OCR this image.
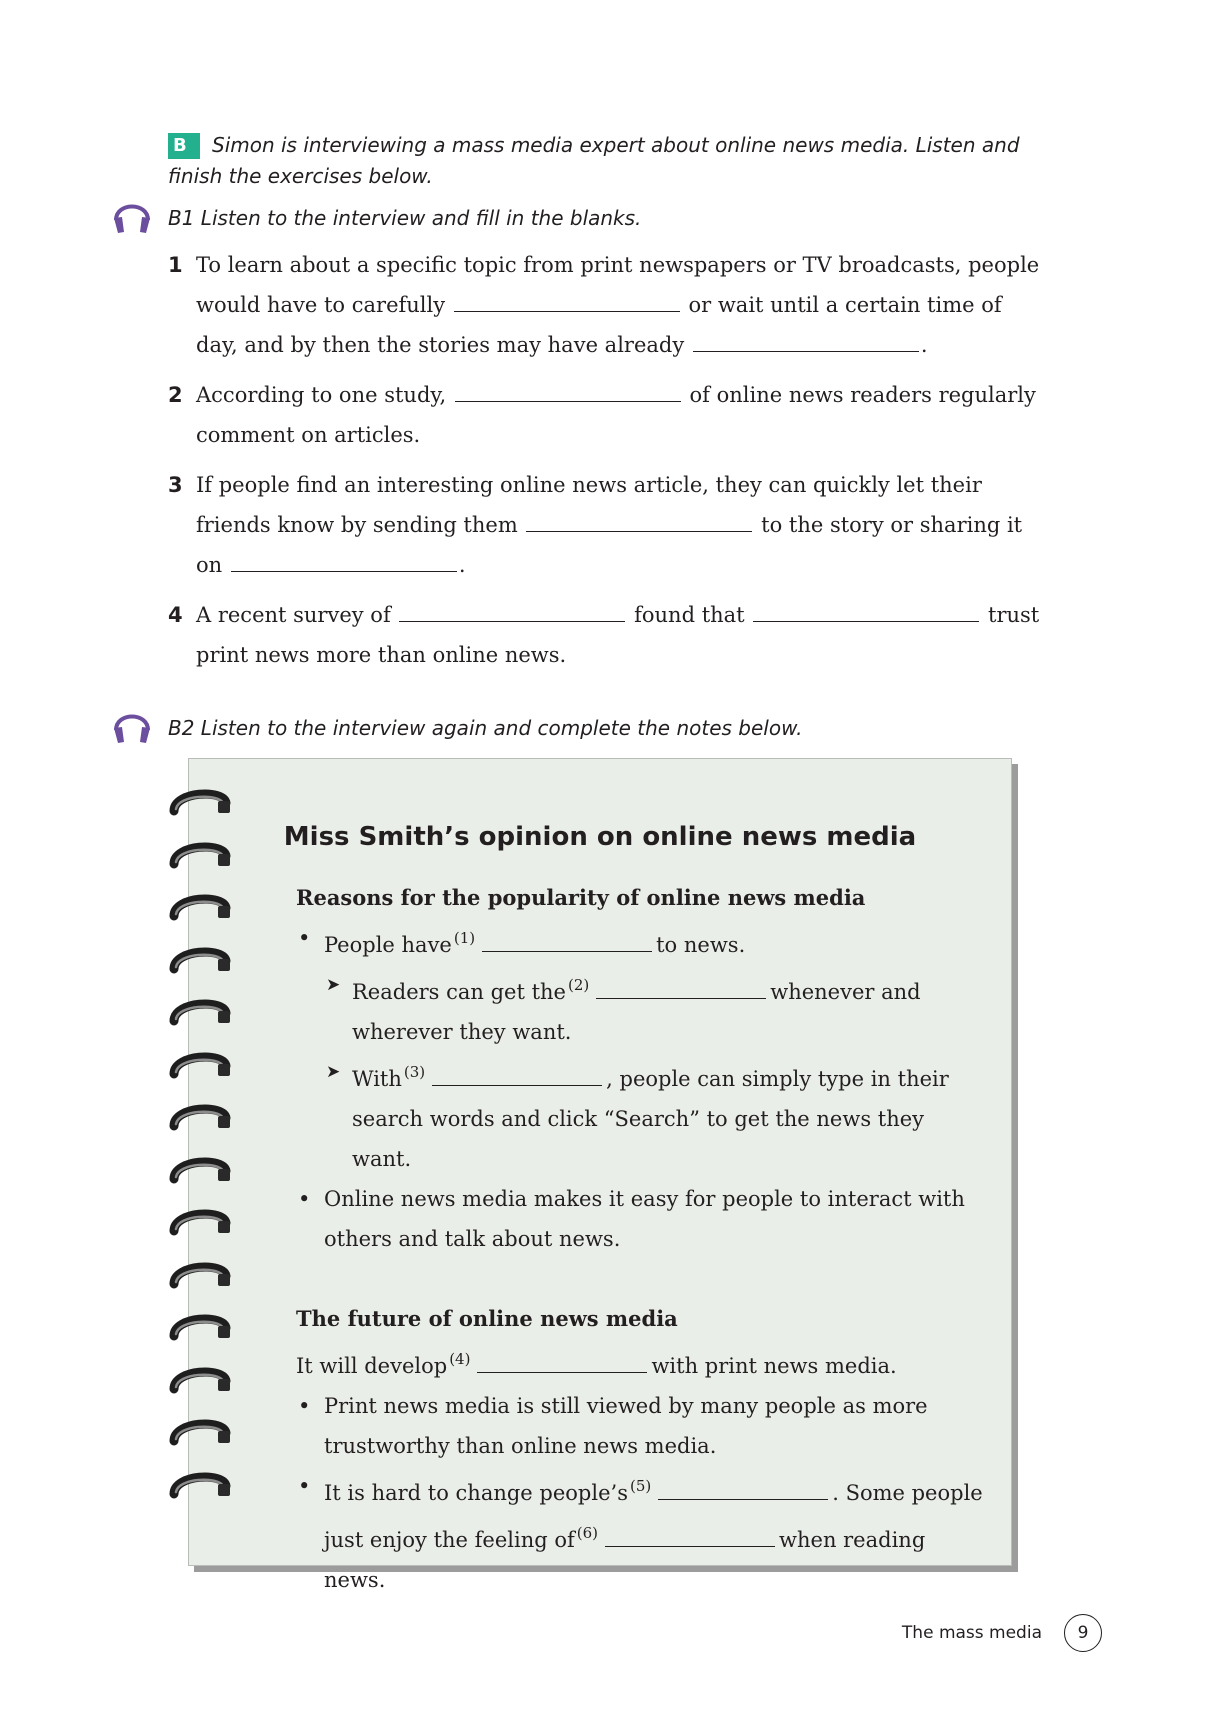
B Simon is interviewing a mass media expert about online news media. Listen and finish the exercises below.
B1 Listen to the interview and fill in the blanks.
1 To learn about a specific topic from print newspapers or TV broadcasts, people would have to carefully	or wait until a certain time of day, and by then the stories may have already	.
2 According to one study,	of online news readers regularly comment on articles.
3 If people find an interesting online news article, they can quickly let their friends know by sending them	to the story or sharing it on	.
4 A recent survey of	found that	trust print news more than online news.
B2 Listen to the interview again and complete the notes below.
Miss Smith’s opinion on online news media
Reasons for the popularity of online news media
• People have $^{(1)}$	to news.
➤ Readers can get the $^{(2)}$	whenever and wherever they want.
➤ With $^{(3)}$	, people can simply type in their search words and click “Search” to get the news they want.
• Online news media makes it easy for people to interact with others and talk about news.
The future of online news media
It will develop $^{(4)}$	with print news media.
• Print news media is still viewed by many people as more trustworthy than online news media.
• It is hard to change people’s $^{(5)}$	. Some people
just enjoy the feeling of $^{(6)}$	when reading news.
The mass media	9
